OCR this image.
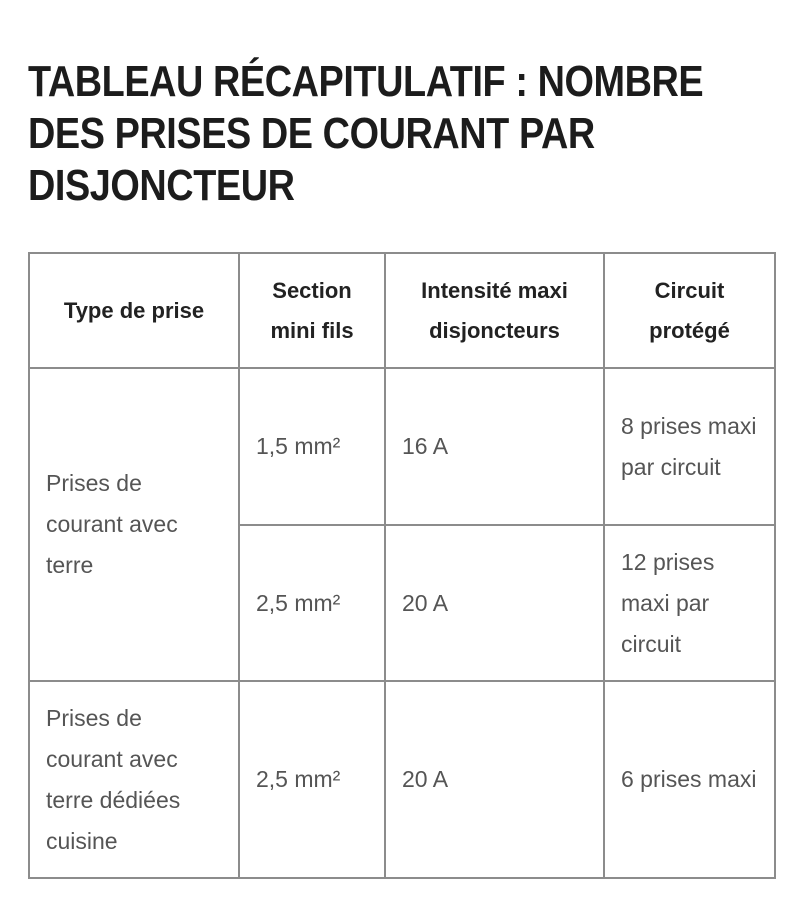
TABLEAU RÉCAPITULATIF : NOMBRE DES PRISES DE COURANT PAR DISJONCTEUR
Type de prise	Section mini fils	Intensité maxi disjoncteurs	Circuit protégé
Prises de courant avec terre	1,5 mm²	16 A	8 prises maxi par circuit
	2,5 mm²	20 A	12 prises maxi par circuit
Prises de courant avec terre dédiées cuisine	2,5 mm²	20 A	6 prises maxi
